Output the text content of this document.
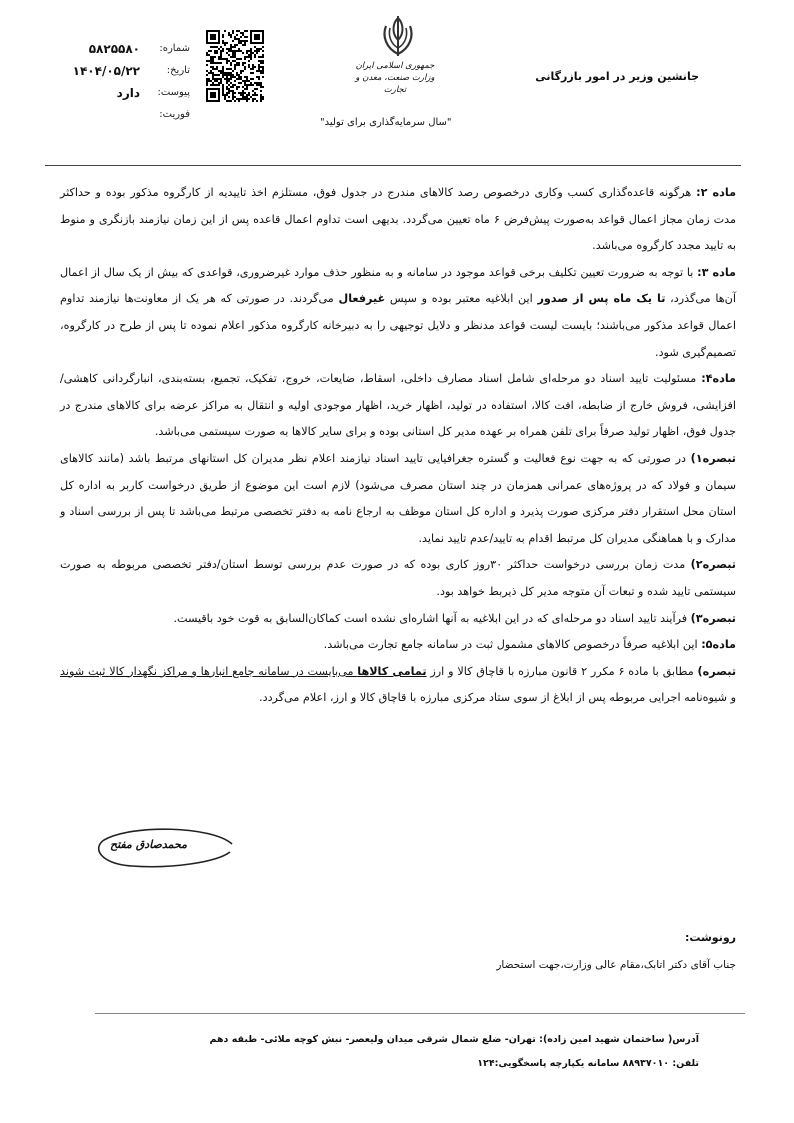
جانشین وزیر در امور بازرگانی
جمهوری اسلامی ایران
وزارت صنعت، معدن و تجارت
"سال سرمایه‌گذاری برای تولید"
شماره:
۵۸۲۵۵۸۰
تاریخ:
۱۴۰۴/۰۵/۲۲
پیوست:
دارد
فوریت:

ماده ۲: هرگونه قاعده‌گذاری کسب وکاری درخصوص رصد کالاهای مندرج در جدول فوق، مستلزم اخذ تاییدیه از کارگروه مذکور بوده و حداکثر مدت زمان مجاز اعمال قواعد به‌صورت پیش‌فرض ۶ ماه تعیین می‌گردد. بدیهی است تداوم اعمال قاعده پس از این زمان نیازمند بازنگری و منوط به تایید مجدد کارگروه می‌باشد.

ماده ۳: با توجه به ضرورت تعیین تکلیف برخی قواعد موجود در سامانه و به منظور حذف موارد غیرضروری، قواعدی که بیش از یک سال از اعمال آن‌ها می‌گذرد، تا یک ماه پس از صدور این ابلاغیه معتبر بوده و سپس غیرفعال می‌گردند. در صورتی که هر یک از معاونت‌ها نیازمند تداوم اعمال قواعد مذکور می‌باشند؛ بایست لیست قواعد مدنظر و دلایل توجیهی را به دبیرخانه کارگروه مذکور اعلام نموده تا پس از طرح در کارگروه، تصمیم‌گیری شود.

ماده۴: مسئولیت تایید اسناد دو مرحله‌ای شامل اسناد مصارف داخلی، اسقاط، ضایعات، خروج، تفکیک، تجمیع، بسته‌بندی، انبارگردانی کاهشی/ افزایشی، فروش خارج از ضابطه، افت کالا، استفاده در تولید، اظهار خرید، اظهار موجودی اولیه و انتقال به مراکز عرضه برای کالاهای مندرج در جدول فوق، اظهار تولید صرفاً برای تلفن همراه بر عهده مدیر کل استانی بوده و برای سایر کالاها به صورت سیستمی می‌باشد.

تبصره۱) در صورتی که به جهت نوع فعالیت و گستره جغرافیایی تایید اسناد نیازمند اعلام نظر مدیران کل استانهای مرتبط باشد (مانند کالاهای سیمان و فولاد که در پروژه‌های عمرانی همزمان در چند استان مصرف می‌شود) لازم است این موضوع از طریق درخواست کاربر به اداره کل استان محل استقرار دفتر مرکزی صورت پذیرد و اداره کل استان موظف به ارجاع نامه به دفتر تخصصی مرتبط می‌باشد تا پس از بررسی اسناد و مدارک و با هماهنگی مدیران کل مرتبط اقدام به تایید/عدم تایید نماید.

تبصره۲) مدت زمان بررسی درخواست حداکثر ۳۰روز کاری بوده که در صورت عدم بررسی توسط استان/دفتر تخصصی مربوطه به صورت سیستمی تایید شده و تبعات آن متوجه مدیر کل ذیربط خواهد بود.

تبصره۳) فرآیند تایید اسناد دو مرحله‌ای که در این ابلاغیه به آنها اشاره‌ای نشده است کماکان‌السابق به قوت خود باقیست.

ماده۵: این ابلاغیه صرفاً درخصوص کالاهای مشمول ثبت در سامانه جامع تجارت می‌باشد.

تبصره) مطابق با ماده ۶ مکرر ۲ قانون مبارزه با قاچاق کالا و ارز تمامی کالاها می‌بایست در سامانه جامع انبارها و مراکز نگهدار کالا ثبت شوند و شیوه‌نامه اجرایی مربوطه پس از ابلاغ از سوی ستاد مرکزی مبارزه با قاچاق کالا و ارز، اعلام می‌گردد.

محمدصادق مفتح
رونوشت:
جناب آقای دکتر اتابک،مقام عالی وزارت،جهت استحضار
آدرس( ساختمان شهید امین زاده): تهران- ضلع شمال شرقی میدان ولیعصر- نبش کوچه ملائی- طبقه دهم
تلفن: ۸۸۹۳۷۰۱۰ سامانه یکپارچه پاسخگویی:۱۲۴
